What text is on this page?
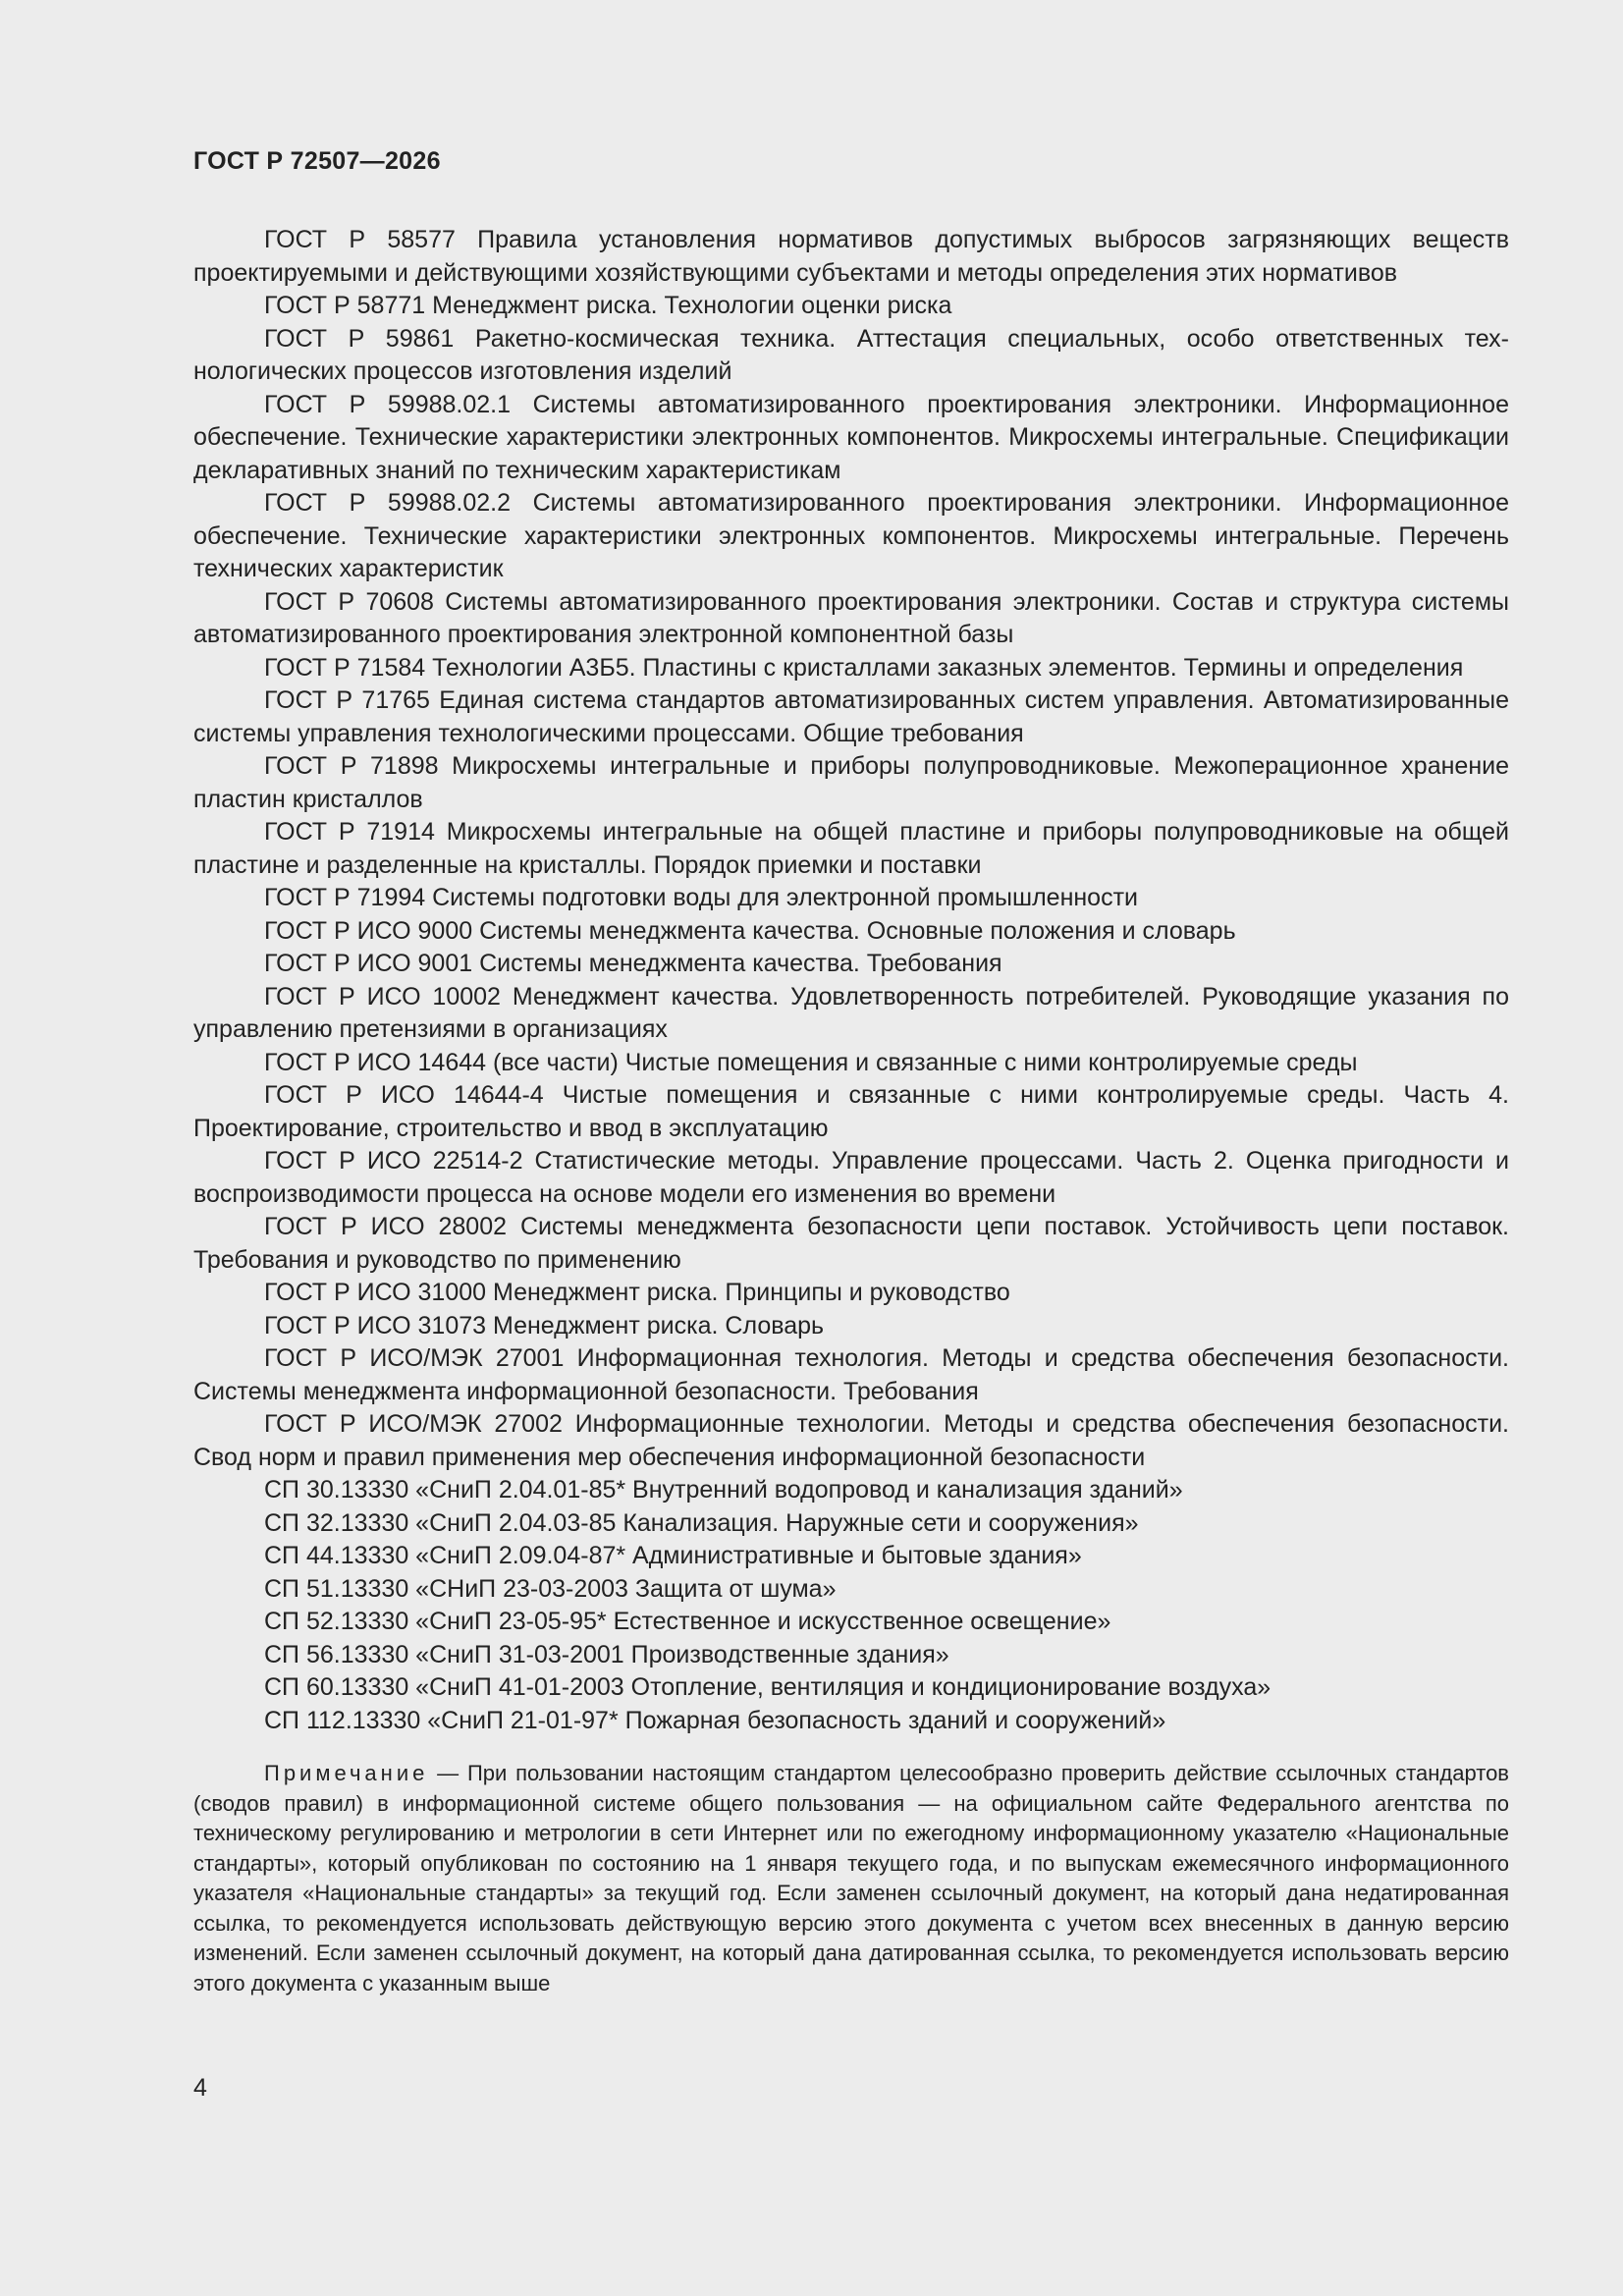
ГОСТ Р 72507—2026

ГОСТ Р 58577 Правила установления нормативов допустимых выбросов загрязняющих веществ проектируемыми и действующими хозяйствующими субъектами и методы определения этих нормативов

ГОСТ Р 58771 Менеджмент риска. Технологии оценки риска

ГОСТ Р 59861 Ракетно-космическая техника. Аттестация специальных, особо ответственных технологических процессов изготовления изделий

ГОСТ Р 59988.02.1 Системы автоматизированного проектирования электроники. Информационное обеспечение. Технические характеристики электронных компонентов. Микросхемы интегральные. Спецификации декларативных знаний по техническим характеристикам

ГОСТ Р 59988.02.2 Системы автоматизированного проектирования электроники. Информационное обеспечение. Технические характеристики электронных компонентов. Микросхемы интегральные. Перечень технических характеристик

ГОСТ Р 70608 Системы автоматизированного проектирования электроники. Состав и структура системы автоматизированного проектирования электронной компонентной базы

ГОСТ Р 71584 Технологии А3Б5. Пластины с кристаллами заказных элементов. Термины и определения

ГОСТ Р 71765 Единая система стандартов автоматизированных систем управления. Автоматизированные системы управления технологическими процессами. Общие требования

ГОСТ Р 71898 Микросхемы интегральные и приборы полупроводниковые. Межоперационное хранение пластин кристаллов

ГОСТ Р 71914 Микросхемы интегральные на общей пластине и приборы полупроводниковые на общей пластине и разделенные на кристаллы. Порядок приемки и поставки

ГОСТ Р 71994 Системы подготовки воды для электронной промышленности

ГОСТ Р ИСО 9000 Системы менеджмента качества. Основные положения и словарь

ГОСТ Р ИСО 9001 Системы менеджмента качества. Требования

ГОСТ Р ИСО 10002 Менеджмент качества. Удовлетворенность потребителей. Руководящие указания по управлению претензиями в организациях

ГОСТ Р ИСО 14644 (все части) Чистые помещения и связанные с ними контролируемые среды

ГОСТ Р ИСО 14644-4 Чистые помещения и связанные с ними контролируемые среды. Часть 4. Проектирование, строительство и ввод в эксплуатацию

ГОСТ Р ИСО 22514-2 Статистические методы. Управление процессами. Часть 2. Оценка пригодности и воспроизводимости процесса на основе модели его изменения во времени

ГОСТ Р ИСО 28002 Системы менеджмента безопасности цепи поставок. Устойчивость цепи поставок. Требования и руководство по применению

ГОСТ Р ИСО 31000 Менеджмент риска. Принципы и руководство

ГОСТ Р ИСО 31073 Менеджмент риска. Словарь

ГОСТ Р ИСО/МЭК 27001 Информационная технология. Методы и средства обеспечения безопасности. Системы менеджмента информационной безопасности. Требования

ГОСТ Р ИСО/МЭК 27002 Информационные технологии. Методы и средства обеспечения безопасности. Свод норм и правил применения мер обеспечения информационной безопасности

СП 30.13330 «СниП 2.04.01-85* Внутренний водопровод и канализация зданий»

СП 32.13330 «СниП 2.04.03-85 Канализация. Наружные сети и сооружения»

СП 44.13330 «СниП 2.09.04-87* Административные и бытовые здания»

СП 51.13330 «СНиП 23-03-2003 Защита от шума»

СП 52.13330 «СниП 23-05-95* Естественное и искусственное освещение»

СП 56.13330 «СниП 31-03-2001 Производственные здания»

СП 60.13330 «СниП 41-01-2003 Отопление, вентиляция и кондиционирование воздуха»

СП 112.13330 «СниП 21-01-97* Пожарная безопасность зданий и сооружений»

Примечание — При пользовании настоящим стандартом целесообразно проверить действие ссылочных стандартов (сводов правил) в информационной системе общего пользования — на официальном сайте Федерального агентства по техническому регулированию и метрологии в сети Интернет или по ежегодному информационному указателю «Национальные стандарты», который опубликован по состоянию на 1 января текущего года, и по выпускам ежемесячного информационного указателя «Национальные стандарты» за текущий год. Если заменен ссылочный документ, на который дана недатированная ссылка, то рекомендуется использовать действующую версию этого документа с учетом всех внесенных в данную версию изменений. Если заменен ссылочный документ, на который дана датированная ссылка, то рекомендуется использовать версию этого документа с указанным выше

4
